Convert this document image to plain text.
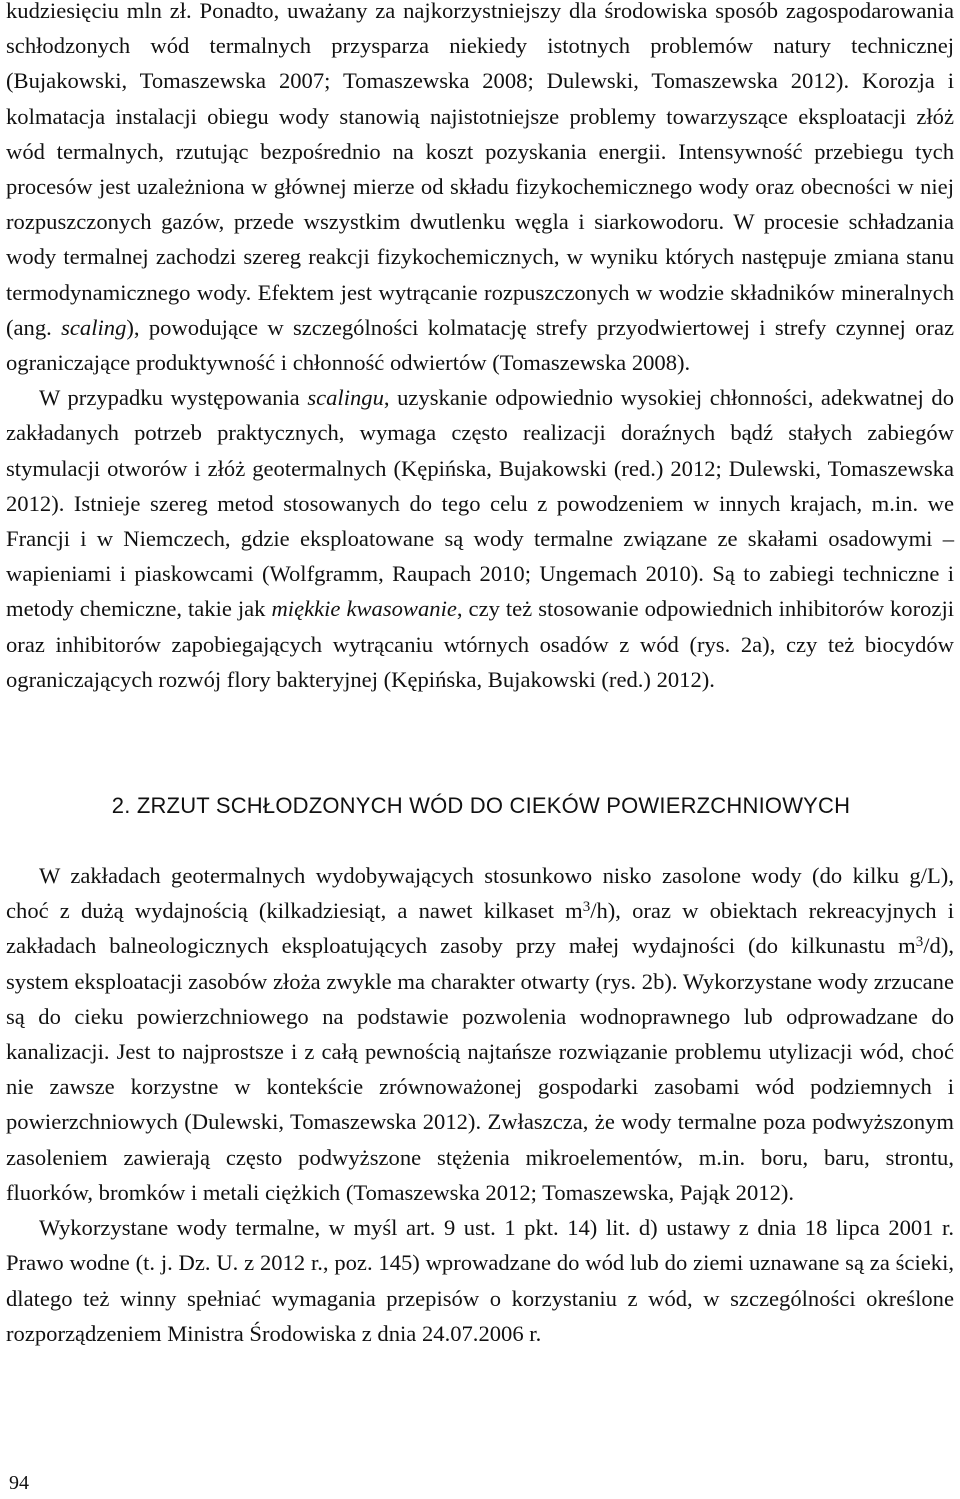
kudziesięciu mln zł. Ponadto, uważany za najkorzystniejszy dla środowiska sposób zagospodarowania schłodzonych wód termalnych przysparza niekiedy istotnych problemów natury technicznej (Bujakowski, Tomaszewska 2007; Tomaszewska 2008; Dulewski, Tomaszewska 2012). Korozja i kolmatacja instalacji obiegu wody stanowią najistotniejsze problemy towarzyszące eksploatacji złóż wód termalnych, rzutując bezpośrednio na koszt pozyskania energii. Intensywność przebiegu tych procesów jest uzależniona w głównej mierze od składu fizykochemicznego wody oraz obecności w niej rozpuszczonych gazów, przede wszystkim dwutlenku węgla i siarkowodoru. W procesie schładzania wody termalnej zachodzi szereg reakcji fizykochemicznych, w wyniku których następuje zmiana stanu termodynamicznego wody. Efektem jest wytrącanie rozpuszczonych w wodzie składników mineralnych (ang. scaling), powodujące w szczególności kolmatację strefy przyodwiertowej i strefy czynnej oraz ograniczające produktywność i chłonność odwiertów (Tomaszewska 2008).

W przypadku występowania scalingu, uzyskanie odpowiednio wysokiej chłonności, adekwatnej do zakładanych potrzeb praktycznych, wymaga często realizacji doraźnych bądź stałych zabiegów stymulacji otworów i złóż geotermalnych (Kępińska, Bujakowski (red.) 2012; Dulewski, Tomaszewska 2012). Istnieje szereg metod stosowanych do tego celu z powodzeniem w innych krajach, m.in. we Francji i w Niemczech, gdzie eksploatowane są wody termalne związane ze skałami osadowymi – wapieniami i piaskowcami (Wolfgramm, Raupach 2010; Ungemach 2010). Są to zabiegi techniczne i metody chemiczne, takie jak miękkie kwasowanie, czy też stosowanie odpowiednich inhibitorów korozji oraz inhibitorów zapobiegających wytrącaniu wtórnych osadów z wód (rys. 2a), czy też biocydów ograniczających rozwój flory bakteryjnej (Kępińska, Bujakowski (red.) 2012).

2. ZRZUT SCHŁODZONYCH WÓD DO CIEKÓW POWIERZCHNIOWYCH

W zakładach geotermalnych wydobywających stosunkowo nisko zasolone wody (do kilku g/L), choć z dużą wydajnością (kilkadziesiąt, a nawet kilkaset $m^3/h$), oraz w obiektach rekreacyjnych i zakładach balneologicznych eksploatujących zasoby przy małej wydajności (do kilkunastu $m^3/d$), system eksploatacji zasobów złoża zwykle ma charakter otwarty (rys. 2b). Wykorzystane wody zrzucane są do cieku powierzchniowego na podstawie pozwolenia wodnoprawnego lub odprowadzane do kanalizacji. Jest to najprostsze i z całą pewnością najtańsze rozwiązanie problemu utylizacji wód, choć nie zawsze korzystne w kontekście zrównoważonej gospodarki zasobami wód podziemnych i powierzchniowych (Dulewski, Tomaszewska 2012). Zwłaszcza, że wody termalne poza podwyższonym zasoleniem zawierają często podwyższone stężenia mikroelementów, m.in. boru, baru, strontu, fluorków, bromków i metali ciężkich (Tomaszewska 2012; Tomaszewska, Pająk 2012).

Wykorzystane wody termalne, w myśl art. 9 ust. 1 pkt. 14) lit. d) ustawy z dnia 18 lipca 2001 r. Prawo wodne (t. j. Dz. U. z 2012 r., poz. 145) wprowadzane do wód lub do ziemi uznawane są za ścieki, dlatego też winny spełniać wymagania przepisów o korzystaniu z wód, w szczególności określone rozporządzeniem Ministra Środowiska z dnia 24.07.2006 r.

94
